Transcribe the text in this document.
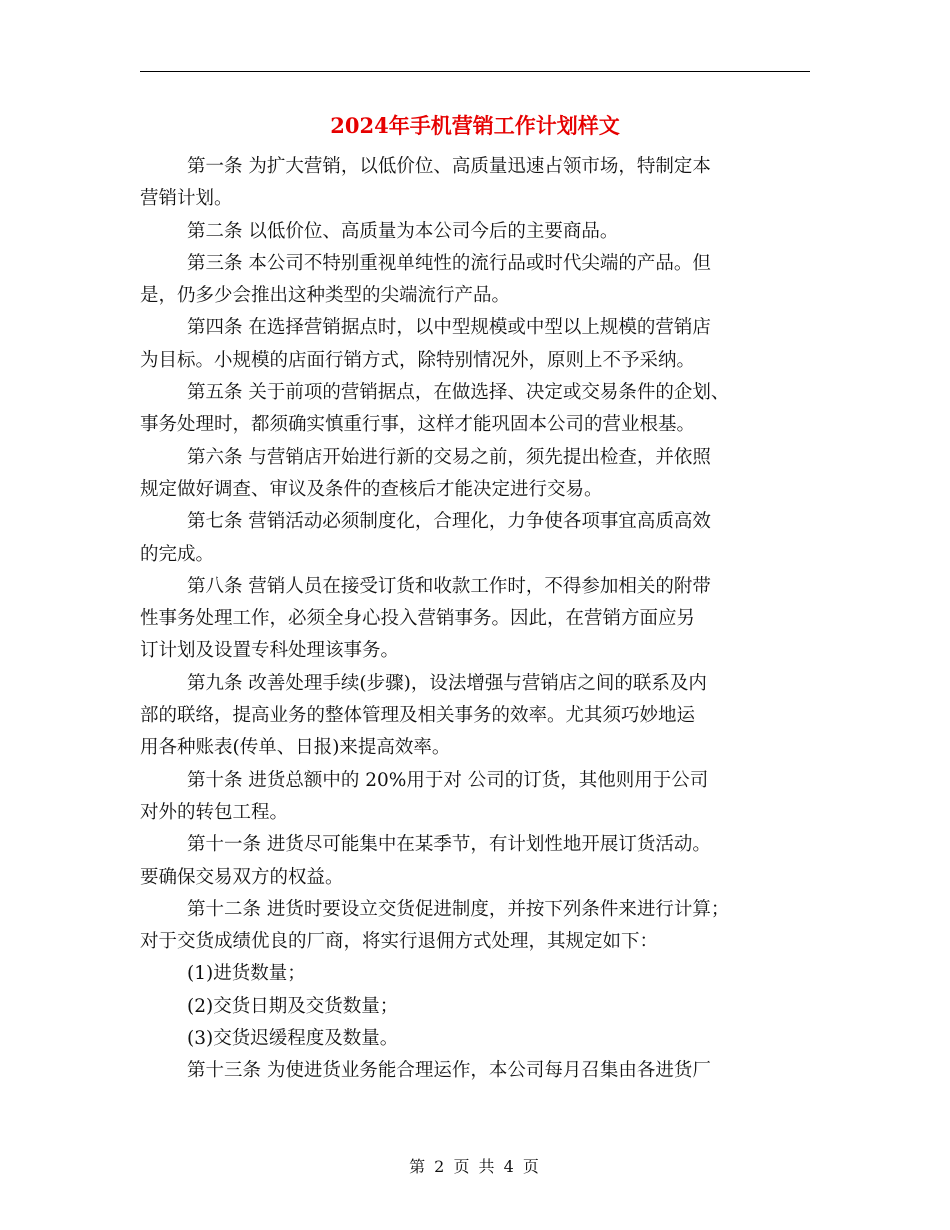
2024年手机营销工作计划样文
第一条 为扩大营销，以低价位、高质量迅速占领市场，特制定本
营销计划。
第二条 以低价位、高质量为本公司今后的主要商品。
第三条 本公司不特别重视单纯性的流行品或时代尖端的产品。但
是，仍多少会推出这种类型的尖端流行产品。
第四条 在选择营销据点时，以中型规模或中型以上规模的营销店
为目标。小规模的店面行销方式，除特别情况外，原则上不予采纳。
第五条 关于前项的营销据点，在做选择、决定或交易条件的企划、
事务处理时，都须确实慎重行事，这样才能巩固本公司的营业根基。
第六条 与营销店开始进行新的交易之前，须先提出检查，并依照
规定做好调查、审议及条件的查核后才能决定进行交易。
第七条 营销活动必须制度化，合理化，力争使各项事宜高质高效
的完成。
第八条 营销人员在接受订货和收款工作时，不得参加相关的附带
性事务处理工作，必须全身心投入营销事务。因此，在营销方面应另
订计划及设置专科处理该事务。
第九条 改善处理手续(步骤)，设法增强与营销店之间的联系及内
部的联络，提高业务的整体管理及相关事务的效率。尤其须巧妙地运
用各种账表(传单、日报)来提高效率。
第十条 进货总额中的 20%用于对 公司的订货，其他则用于公司
对外的转包工程。
第十一条 进货尽可能集中在某季节，有计划性地开展订货活动。
要确保交易双方的权益。
第十二条 进货时要设立交货促进制度，并按下列条件来进行计算；
对于交货成绩优良的厂商，将实行退佣方式处理，其规定如下：
(1)进货数量；
(2)交货日期及交货数量；
(3)交货迟缓程度及数量。
第十三条 为使进货业务能合理运作，本公司每月召集由各进货厂
第 2 页 共 4 页
